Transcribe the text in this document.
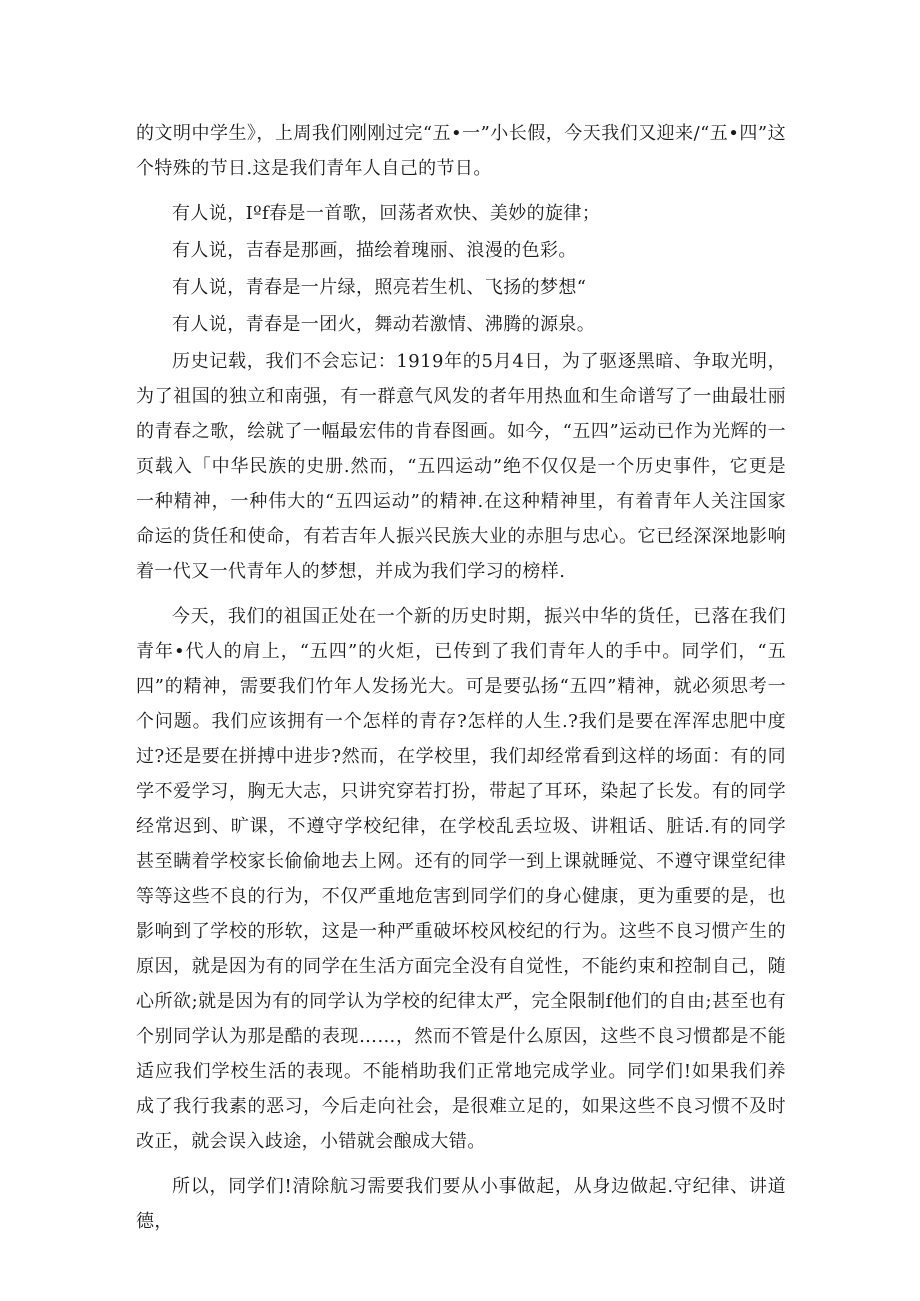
的文明中学生》，上周我们刚刚过完“五•一”小长假，今天我们又迎来/“五•四”这个特殊的节日.这是我们青年人自己的节日。

有人说，Iºf春是一首歌，回荡者欢快、美妙的旋律；

有人说，吉春是那画，描绘着瑰丽、浪漫的色彩。

有人说，青春是一片绿，照亮若生机、飞扬的梦想“

有人说，青春是一团火，舞动若激情、沸腾的源泉。

历史记载，我们不会忘记：1919年的5月4日，为了驱逐黑暗、争取光明，为了祖国的独立和南强，有一群意气风发的者年用热血和生命谱写了一曲最壮丽的青春之歌，绘就了一幅最宏伟的肯春图画。如今，“五四”运动已作为光辉的一页载入「中华民族的史册.然而，“五四运动”绝不仅仅是一个历史事件，它更是一种精神，一种伟大的“五四运动”的精神.在这种精神里，有着青年人关注国家命运的货任和使命，有若吉年人振兴民族大业的赤胆与忠心。它已经深深地影响着一代又一代青年人的梦想，并成为我们学习的榜样.

今天，我们的祖国正处在一个新的历史时期，振兴中华的货任，已落在我们青年•代人的肩上，“五四”的火炬，已传到了我们青年人的手中。同学们，“五四”的精神，需要我们竹年人发扬光大。可是要弘扬“五四”精神，就必须思考一个问题。我们应该拥有一个怎样的青存?怎样的人生.?我们是要在浑浑忠肥中度过?还是要在拼搏中进步?然而，在学校里，我们却经常看到这样的场面：有的同学不爱学习，胸无大志，只讲究穿若打扮，带起了耳环，染起了长发。有的同学经常迟到、旷课，不遵守学校纪律，在学校乱丢垃圾、讲粗话、脏话.有的同学甚至瞒着学校家长偷偷地去上网。还有的同学一到上课就睡觉、不遵守课堂纪律等等这些不良的行为，不仅严重地危害到同学们的身心健康，更为重要的是，也影响到了学校的形软，这是一种严重破坏校风校纪的行为。这些不良习惯产生的原因，就是因为有的同学在生活方面完全没有自觉性，不能约束和控制自己，随心所欲;就是因为有的同学认为学校的纪律太严，完全限制f他们的自由;甚至也有个别同学认为那是酷的表现……，然而不管是什么原因，这些不良习惯都是不能适应我们学校生活的表现。不能梢助我们正常地完成学业。同学们!如果我们养成了我行我素的恶习，今后走向社会，是很难立足的，如果这些不良习惯不及时改正，就会误入歧途，小错就会酿成大错。

所以，同学们!清除航习需要我们要从小事做起，从身边做起.守纪律、讲道德，
